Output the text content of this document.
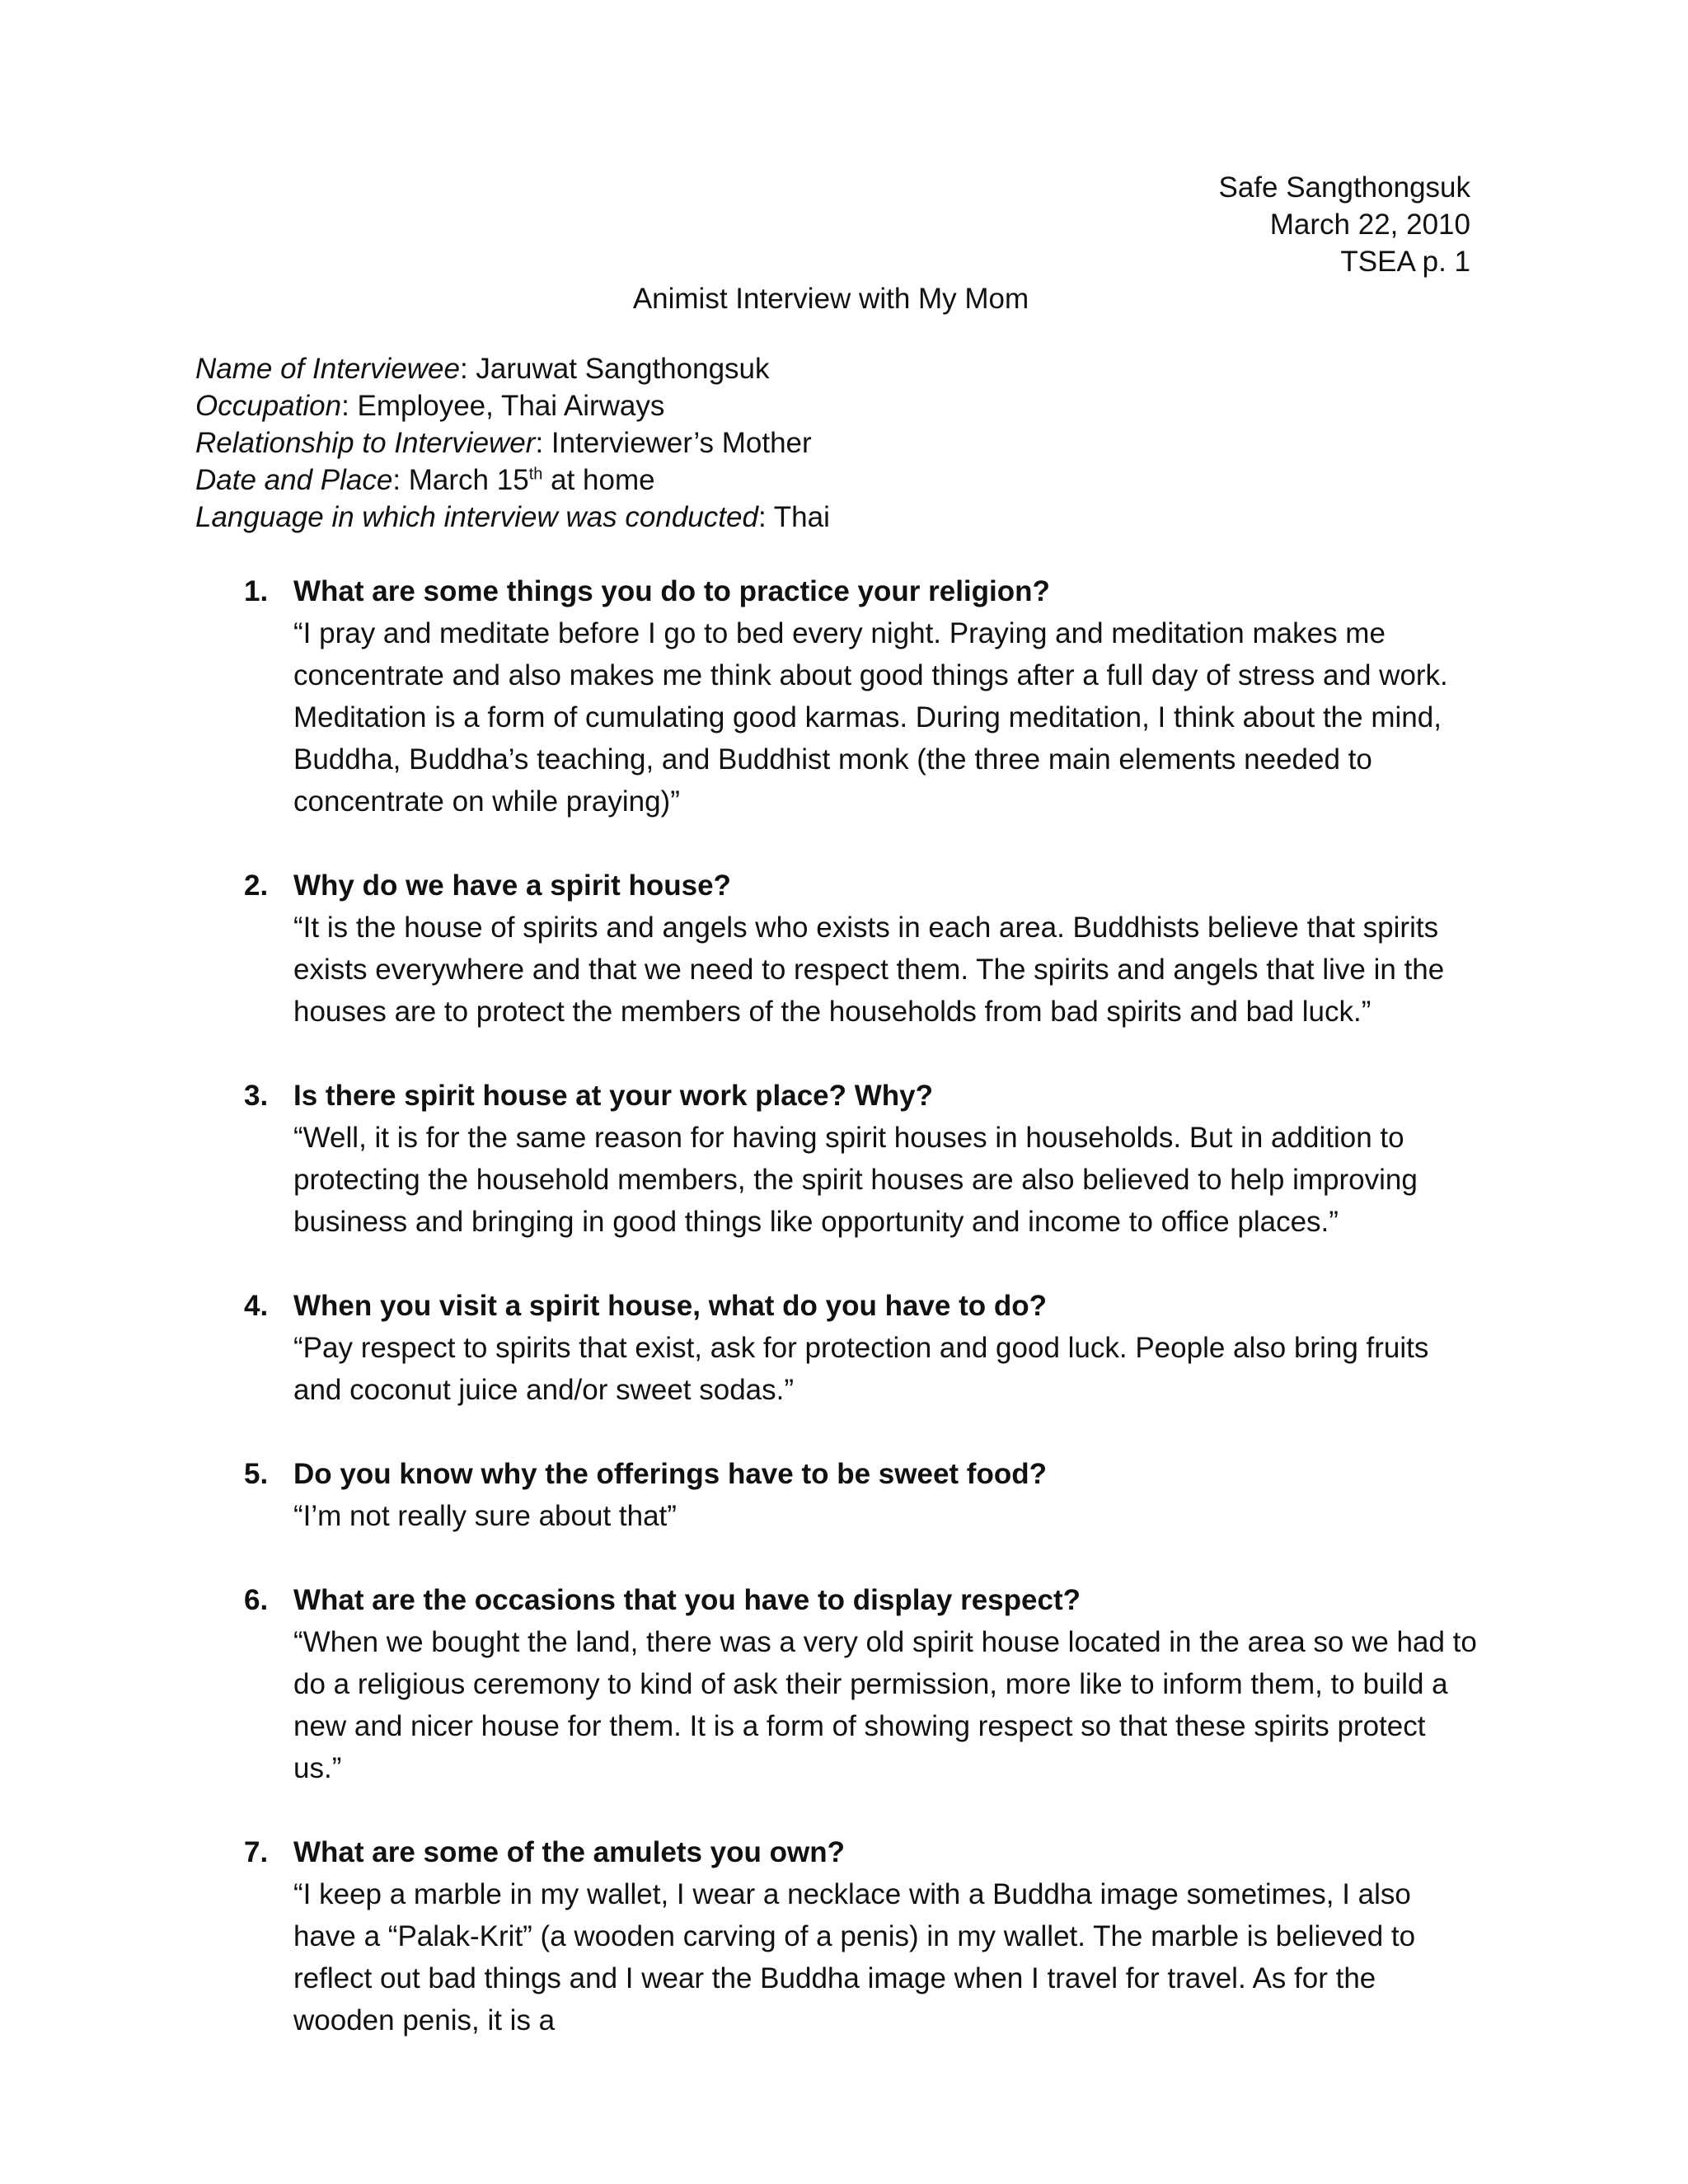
Safe Sangthongsuk
March 22, 2010
TSEA p. 1
Animist Interview with My Mom
Name of Interviewee: Jaruwat Sangthongsuk
Occupation: Employee, Thai Airways
Relationship to Interviewer: Interviewer’s Mother
Date and Place: March 15th at home
Language in which interview was conducted: Thai
1. What are some things you do to practice your religion?
“I pray and meditate before I go to bed every night. Praying and meditation makes me concentrate and also makes me think about good things after a full day of stress and work. Meditation is a form of cumulating good karmas. During meditation, I think about the mind, Buddha, Buddha’s teaching, and Buddhist monk (the three main elements needed to concentrate on while praying)”
2. Why do we have a spirit house?
“It is the house of spirits and angels who exists in each area. Buddhists believe that spirits exists everywhere and that we need to respect them. The spirits and angels that live in the houses are to protect the members of the households from bad spirits and bad luck.”
3. Is there spirit house at your work place? Why?
“Well, it is for the same reason for having spirit houses in households. But in addition to protecting the household members, the spirit houses are also believed to help improving business and bringing in good things like opportunity and income to office places.”
4. When you visit a spirit house, what do you have to do?
“Pay respect to spirits that exist, ask for protection and good luck. People also bring fruits and coconut juice and/or sweet sodas.”
5. Do you know why the offerings have to be sweet food?
“I’m not really sure about that”
6. What are the occasions that you have to display respect?
“When we bought the land, there was a very old spirit house located in the area so we had to do a religious ceremony to kind of ask their permission, more like to inform them, to build a new and nicer house for them. It is a form of showing respect so that these spirits protect us.”
7. What are some of the amulets you own?
“I keep a marble in my wallet, I wear a necklace with a Buddha image sometimes, I also have a “Palak-Krit” (a wooden carving of a penis) in my wallet. The marble is believed to reflect out bad things and I wear the Buddha image when I travel for travel. As for the wooden penis, it is a
